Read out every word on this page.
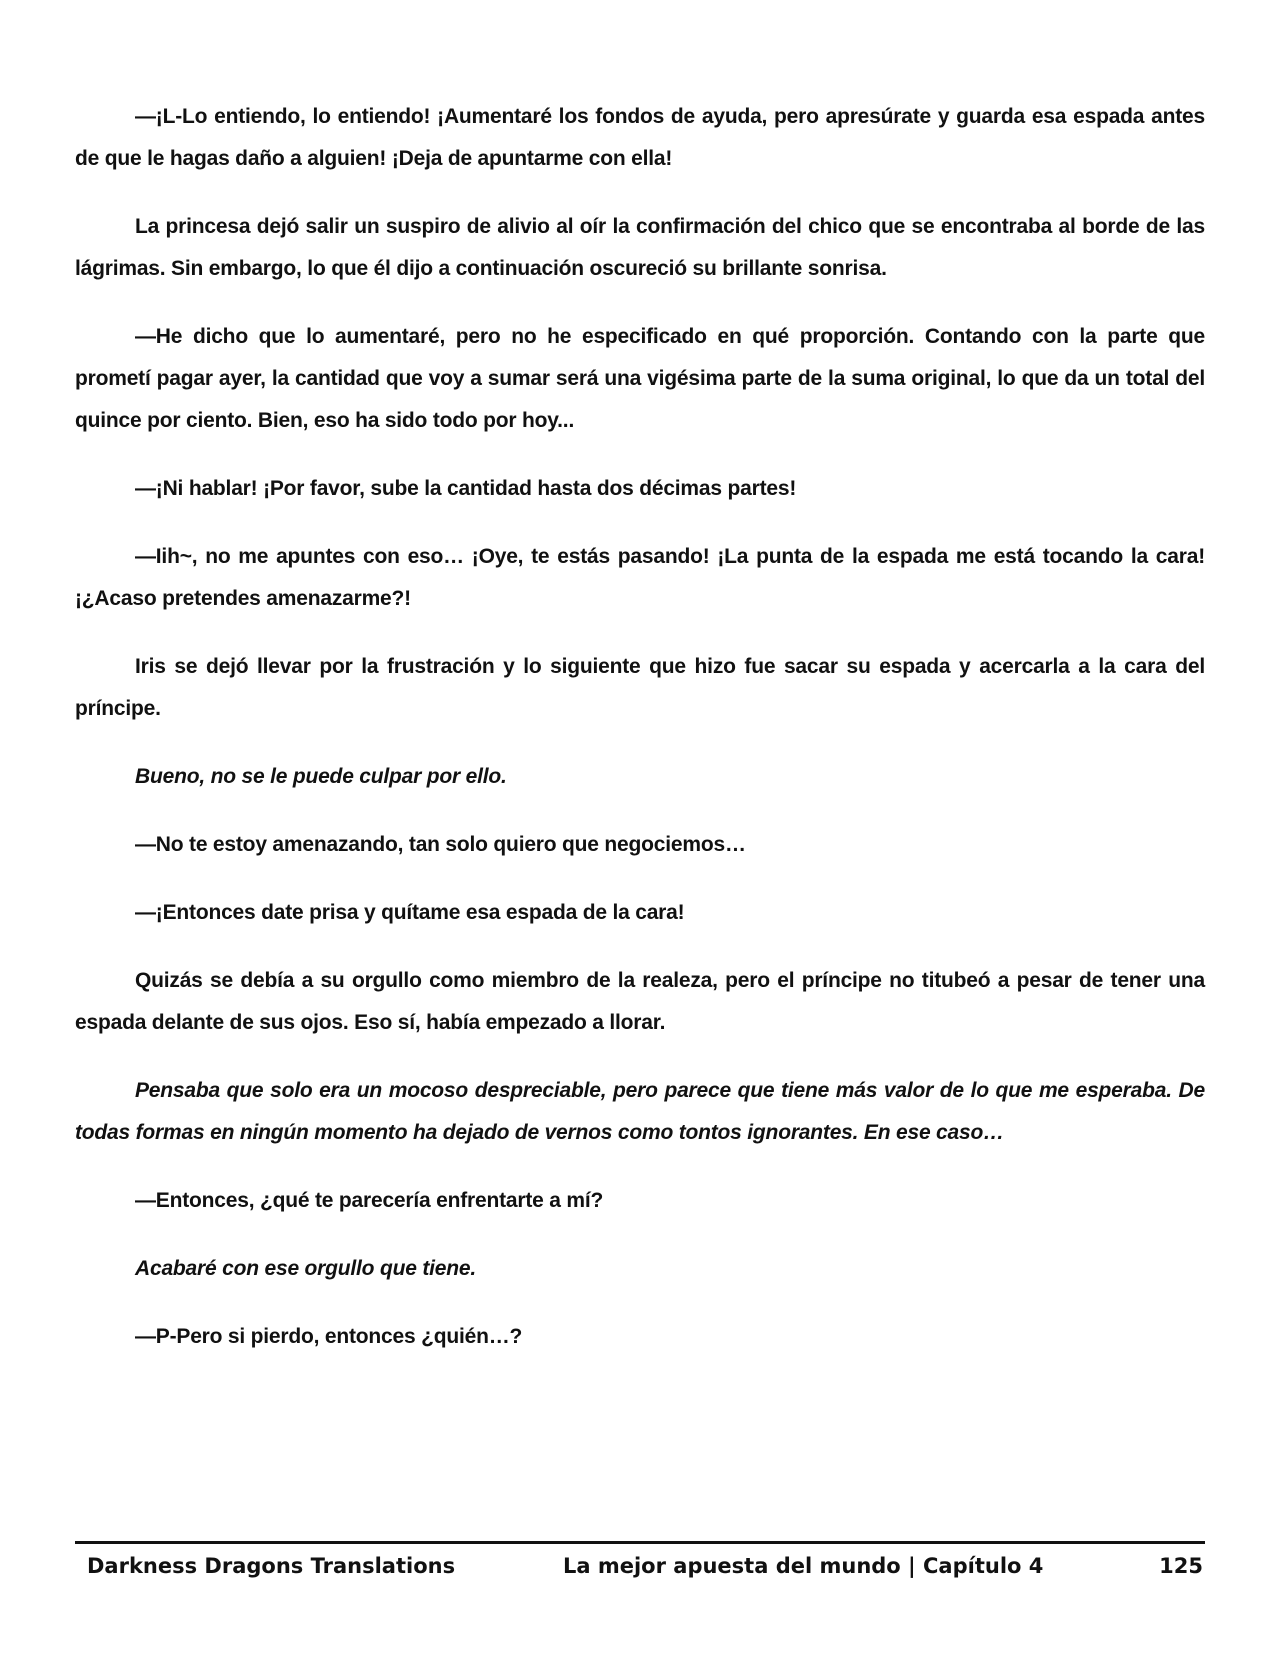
—¡L-Lo entiendo, lo entiendo! ¡Aumentaré los fondos de ayuda, pero apresúrate y guarda esa espada antes de que le hagas daño a alguien! ¡Deja de apuntarme con ella!

La princesa dejó salir un suspiro de alivio al oír la confirmación del chico que se encontraba al borde de las lágrimas. Sin embargo, lo que él dijo a continuación oscureció su brillante sonrisa.

—He dicho que lo aumentaré, pero no he especificado en qué proporción. Contando con la parte que prometí pagar ayer, la cantidad que voy a sumar será una vigésima parte de la suma original, lo que da un total del quince por ciento. Bien, eso ha sido todo por hoy...

—¡Ni hablar! ¡Por favor, sube la cantidad hasta dos décimas partes!

—Iih~, no me apuntes con eso… ¡Oye, te estás pasando! ¡La punta de la espada me está tocando la cara! ¡¿Acaso pretendes amenazarme?!

Iris se dejó llevar por la frustración y lo siguiente que hizo fue sacar su espada y acercarla a la cara del príncipe.

Bueno, no se le puede culpar por ello.

—No te estoy amenazando, tan solo quiero que negociemos…

—¡Entonces date prisa y quítame esa espada de la cara!

Quizás se debía a su orgullo como miembro de la realeza, pero el príncipe no titubeó a pesar de tener una espada delante de sus ojos. Eso sí, había empezado a llorar.

Pensaba que solo era un mocoso despreciable, pero parece que tiene más valor de lo que me esperaba. De todas formas en ningún momento ha dejado de vernos como tontos ignorantes. En ese caso…

—Entonces, ¿qué te parecería enfrentarte a mí?

Acabaré con ese orgullo que tiene.

—P-Pero si pierdo, entonces ¿quién…?

Darkness Dragons Translations	La mejor apuesta del mundo | Capítulo 4	125
